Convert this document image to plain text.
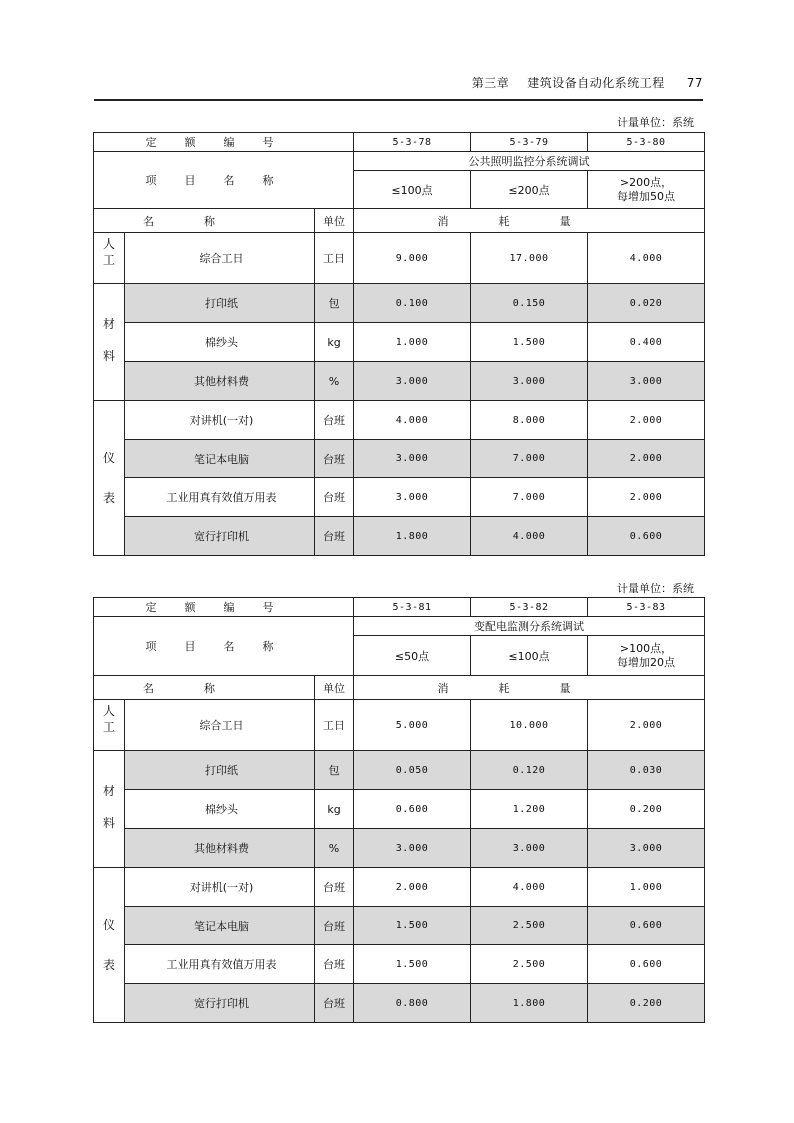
第三章 建筑设备自动化系统工程 77
计量单位：系统
定额编号			5-3-78	5-3-79	5-3-80
项目名称			公共照明监控分系统调试		
			≤100点	≤200点	>200点，
每增加50点
名称		单位	消耗量		
人工	综合工日	工日	9.000	17.000	4.000
材料	打印纸	包	0.100	0.150	0.020
	棉纱头	kg	1.000	1.500	0.400
	其他材料费	%	3.000	3.000	3.000
仪表	对讲机(一对)	台班	4.000	8.000	2.000
	笔记本电脑	台班	3.000	7.000	2.000
	工业用真有效值万用表	台班	3.000	7.000	2.000
	宽行打印机	台班	1.800	4.000	0.600
计量单位：系统
定额编号			5-3-81	5-3-82	5-3-83
项目名称			变配电监测分系统调试		
			≤50点	≤100点	>100点，
每增加20点
名称		单位	消耗量		
人工	综合工日	工日	5.000	10.000	2.000
材料	打印纸	包	0.050	0.120	0.030
	棉纱头	kg	0.600	1.200	0.200
	其他材料费	%	3.000	3.000	3.000
仪表	对讲机(一对)	台班	2.000	4.000	1.000
	笔记本电脑	台班	1.500	2.500	0.600
	工业用真有效值万用表	台班	1.500	2.500	0.600
	宽行打印机	台班	0.800	1.800	0.200
